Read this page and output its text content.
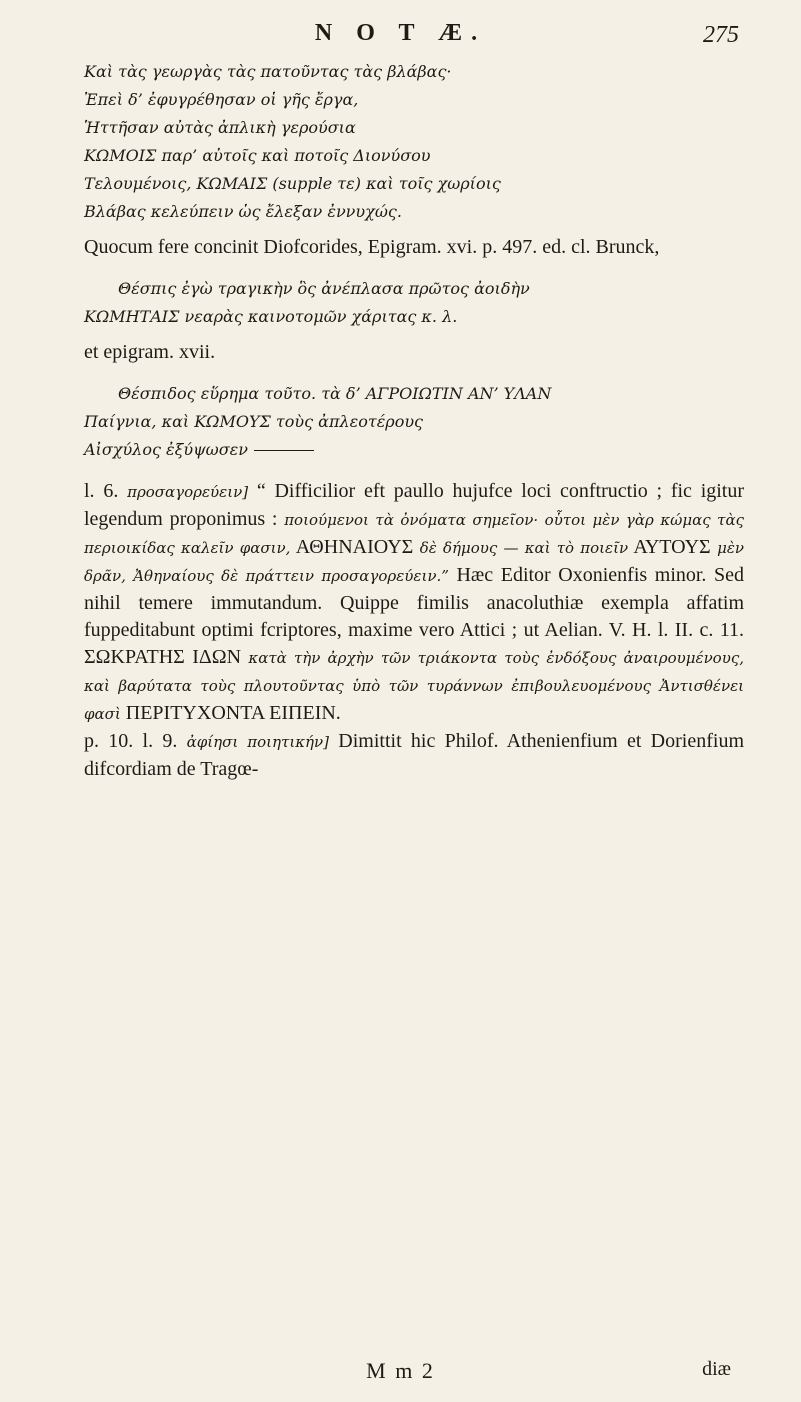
N O T Æ.	275

Καὶ τὰς γεωργὰς τὰς πατοῦντας τὰς βλάβας·

Ἐπεὶ δ’ ἐφυγρέθησαν οἱ γῆς ἔργα,

Ἡττῆσαν αὐτὰς ἀπλικὴ γερούσια

ΚΩΜΟΙΣ παρ’ αὐτοῖς καὶ ποτοῖς Διονύσου

Τελουμένοις, ΚΩΜΑΙΣ (supple τε) καὶ τοῖς χωρίοις

Βλάβας κελεύπειν ὡς ἔλεξαν ἐννυχώς.

Quocum fere concinit Diofcorides, Epigram. xvi. p. 497. ed. cl. Brunck,

Θέσπις ἐγὼ τραγικὴν ὃς ἀνέπλασα πρῶτος ἀοιδὴν

ΚΩΜΗΤΑΙΣ νεαρὰς καινοτομῶν χάριτας κ. λ.

et epigram. xvii.

Θέσπιδος εὕρημα τοῦτο. τὰ δ’ ΑΓΡΟΙΩΤΙΝ ΑΝ’ ΥΛΑΝ

Παίγνια, καὶ ΚΩΜΟΥΣ τοὺς ἀπλεοτέρους

Αἰσχύλος ἐξύψωσεν

l. 6. προσαγορεύειν] “ Difficilior eft paullo hujufce loci conftructio ; fic igitur legendum proponimus : ποιούμενοι τὰ ὀνόματα σημεῖον· οὗτοι μὲν γὰρ κώμας τὰς περιοικίδας καλεῖν φασιν, ΑΘΗΝΑΙΟΥΣ δὲ δήμους — καὶ τὸ ποιεῖν ΑΥΤΟΥΣ μὲν δρᾶν, Ἀθηναίους δὲ πράττειν προσαγορεύειν.” Hæc Editor Oxonienfis minor. Sed nihil temere immutandum. Quippe fimilis anacoluthiæ exempla affatim fuppeditabunt optimi fcriptores, maxime vero Attici ; ut Aelian. V. H. l. II. c. 11. ΣΩΚΡΑΤΗΣ ΙΔΩΝ κατὰ τὴν ἀρχὴν τῶν τριάκοντα τοὺς ἐνδόξους ἀναιρουμένους, καὶ βαρύτατα τοὺς πλουτοῦντας ὑπὸ τῶν τυράννων ἐπιβουλευομένους Ἀντισθένει φασὶ ΠΕΡΙΤΥΧΟΝΤΑ ΕΙΠΕΙΝ.

p. 10. l. 9. ἀφίησι ποιητικήν] Dimittit hic Philof. Athenienfium et Dorienfium difcordiam de Tragœ-

M m 2	diæ
